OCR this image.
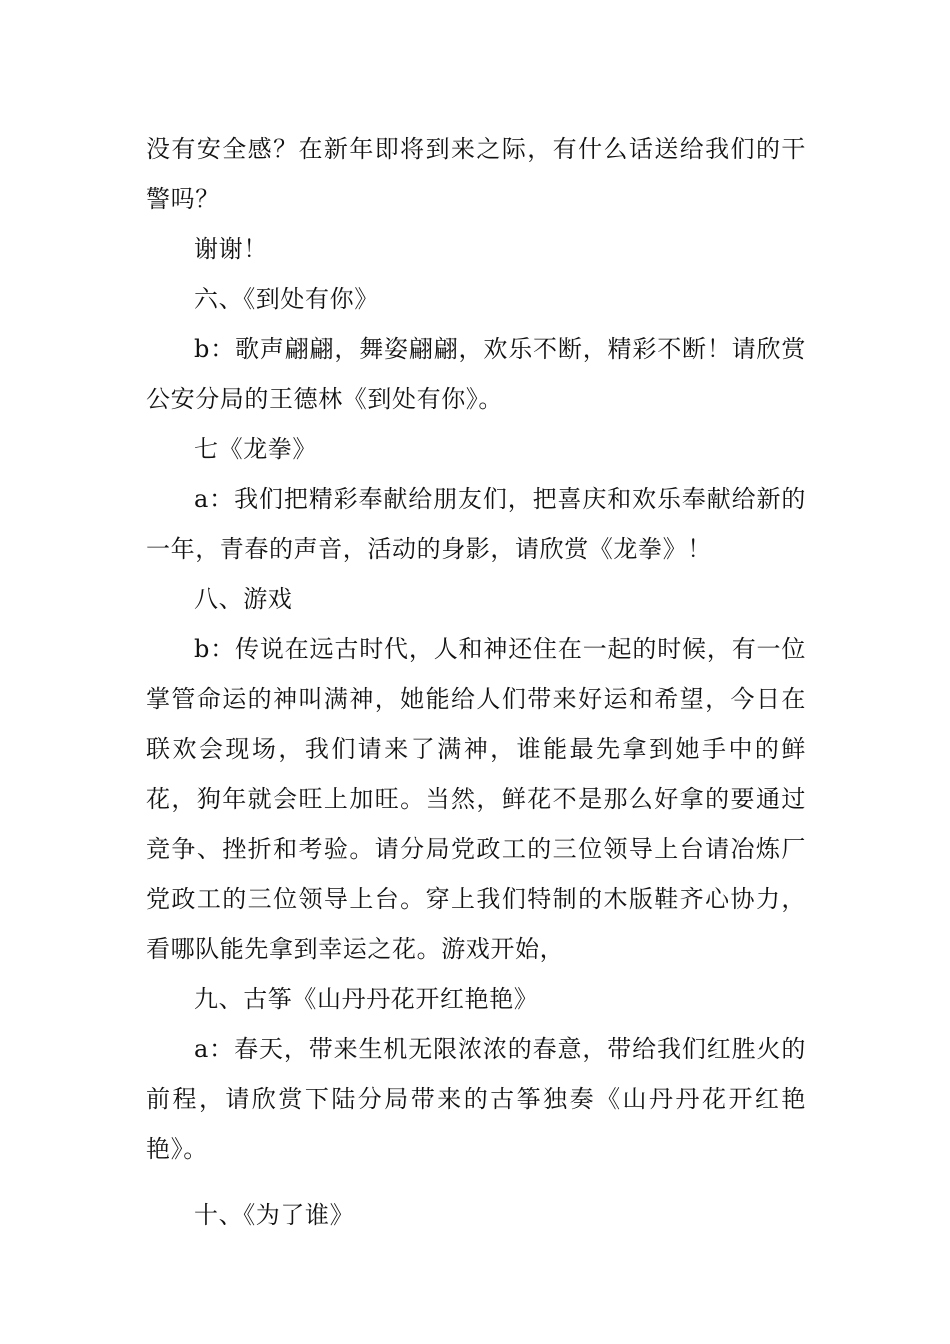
没有安全感？在新年即将到来之际，有什么话送给我们的干警吗？

谢谢！

六、《到处有你》

b：歌声翩翩，舞姿翩翩，欢乐不断，精彩不断！请欣赏公安分局的王德林《到处有你》。

七《龙拳》

a：我们把精彩奉献给朋友们，把喜庆和欢乐奉献给新的一年，青春的声音，活动的身影，请欣赏《龙拳》！

八、游戏

b：传说在远古时代，人和神还住在一起的时候，有一位掌管命运的神叫满神，她能给人们带来好运和希望，今日在联欢会现场，我们请来了满神，谁能最先拿到她手中的鲜花，狗年就会旺上加旺。当然，鲜花不是那么好拿的要通过竞争、挫折和考验。请分局党政工的三位领导上台请冶炼厂党政工的三位领导上台。穿上我们特制的木版鞋齐心协力，看哪队能先拿到幸运之花。游戏开始，

九、古筝《山丹丹花开红艳艳》

a：春天，带来生机无限浓浓的春意，带给我们红胜火的前程，请欣赏下陆分局带来的古筝独奏《山丹丹花开红艳艳》。

十、《为了谁》
